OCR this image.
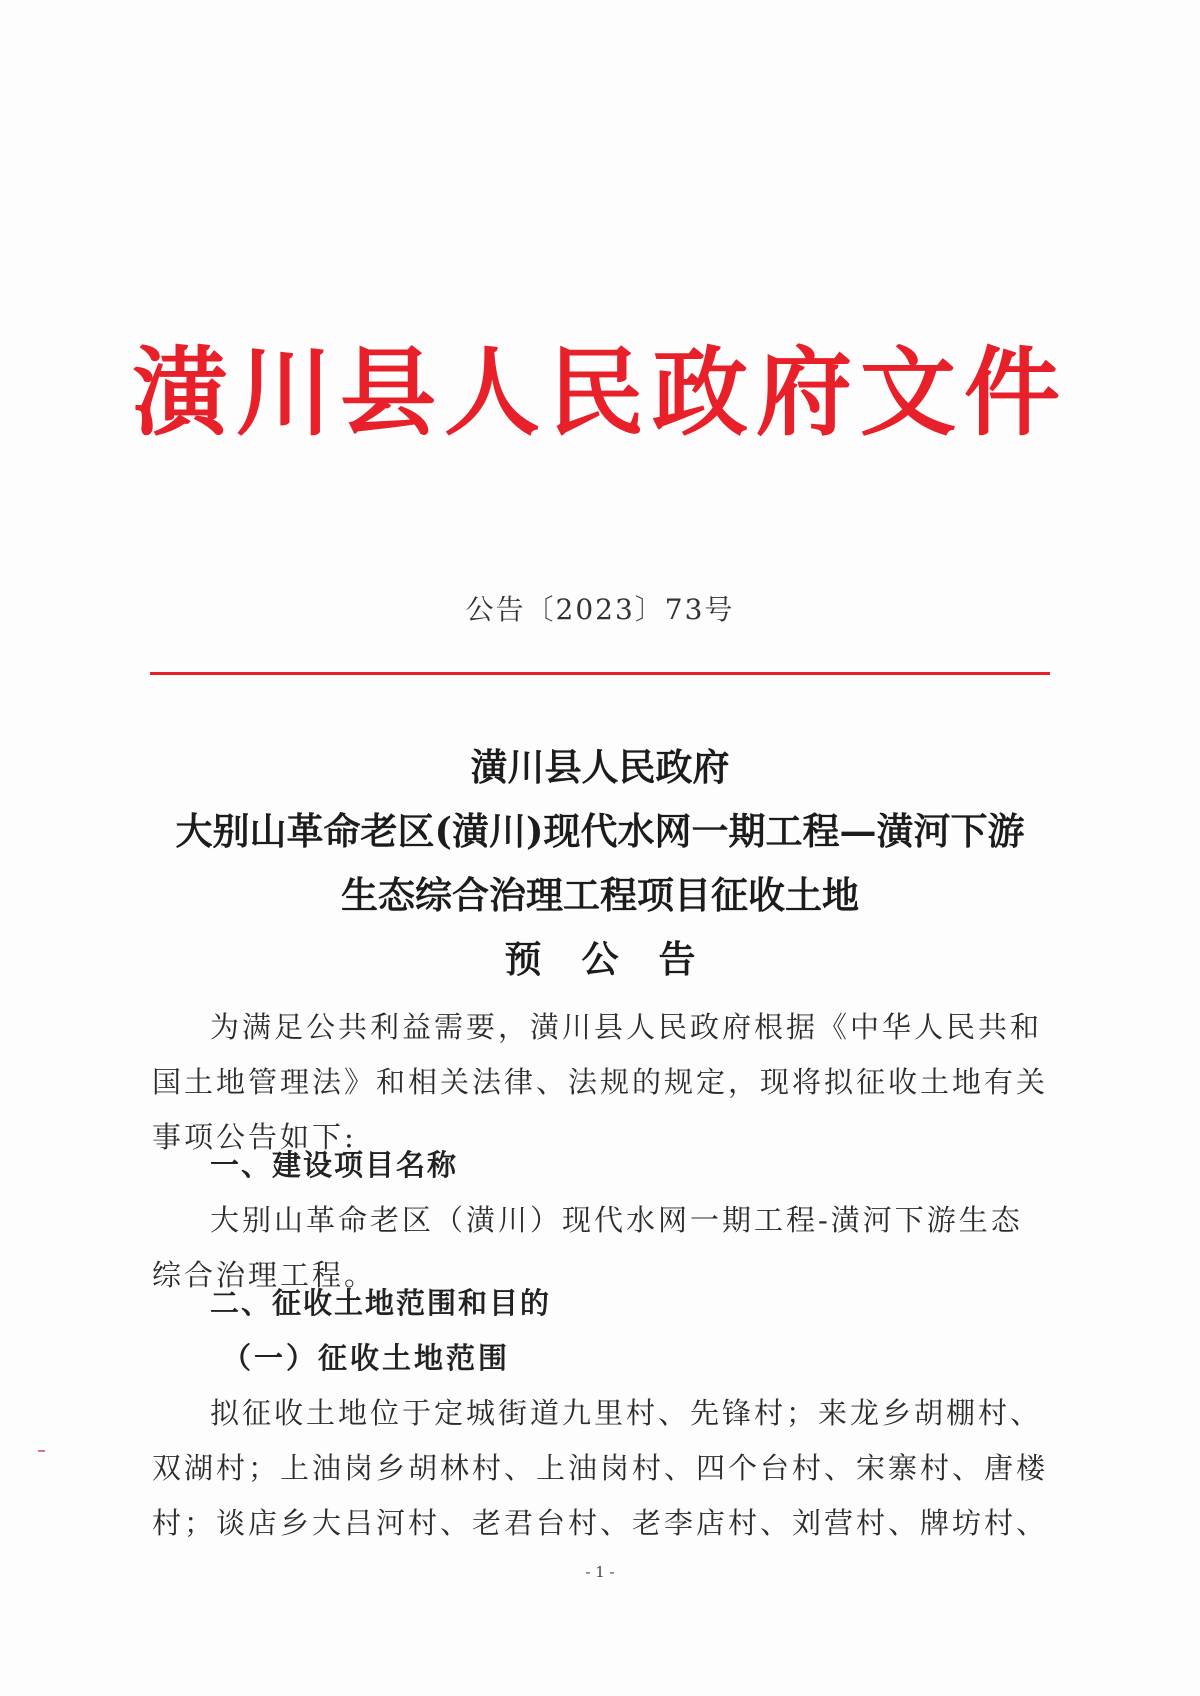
潢川县人民政府文件
公告〔2023〕73号
潢川县人民政府
大别山革命老区(潢川)现代水网一期工程—潢河下游
生态综合治理工程项目征收土地
预公告
为满足公共利益需要，潢川县人民政府根据《中华人民共和国土地管理法》和相关法律、法规的规定，现将拟征收土地有关事项公告如下:
一、建设项目名称
大别山革命老区（潢川）现代水网一期工程-潢河下游生态综合治理工程。
二、征收土地范围和目的
（一）征收土地范围
拟征收土地位于定城街道九里村、先锋村；来龙乡胡棚村、双湖村；上油岗乡胡林村、上油岗村、四个台村、宋寨村、唐楼村；谈店乡大吕河村、老君台村、老李店村、刘营村、牌坊村、
- 1 -
